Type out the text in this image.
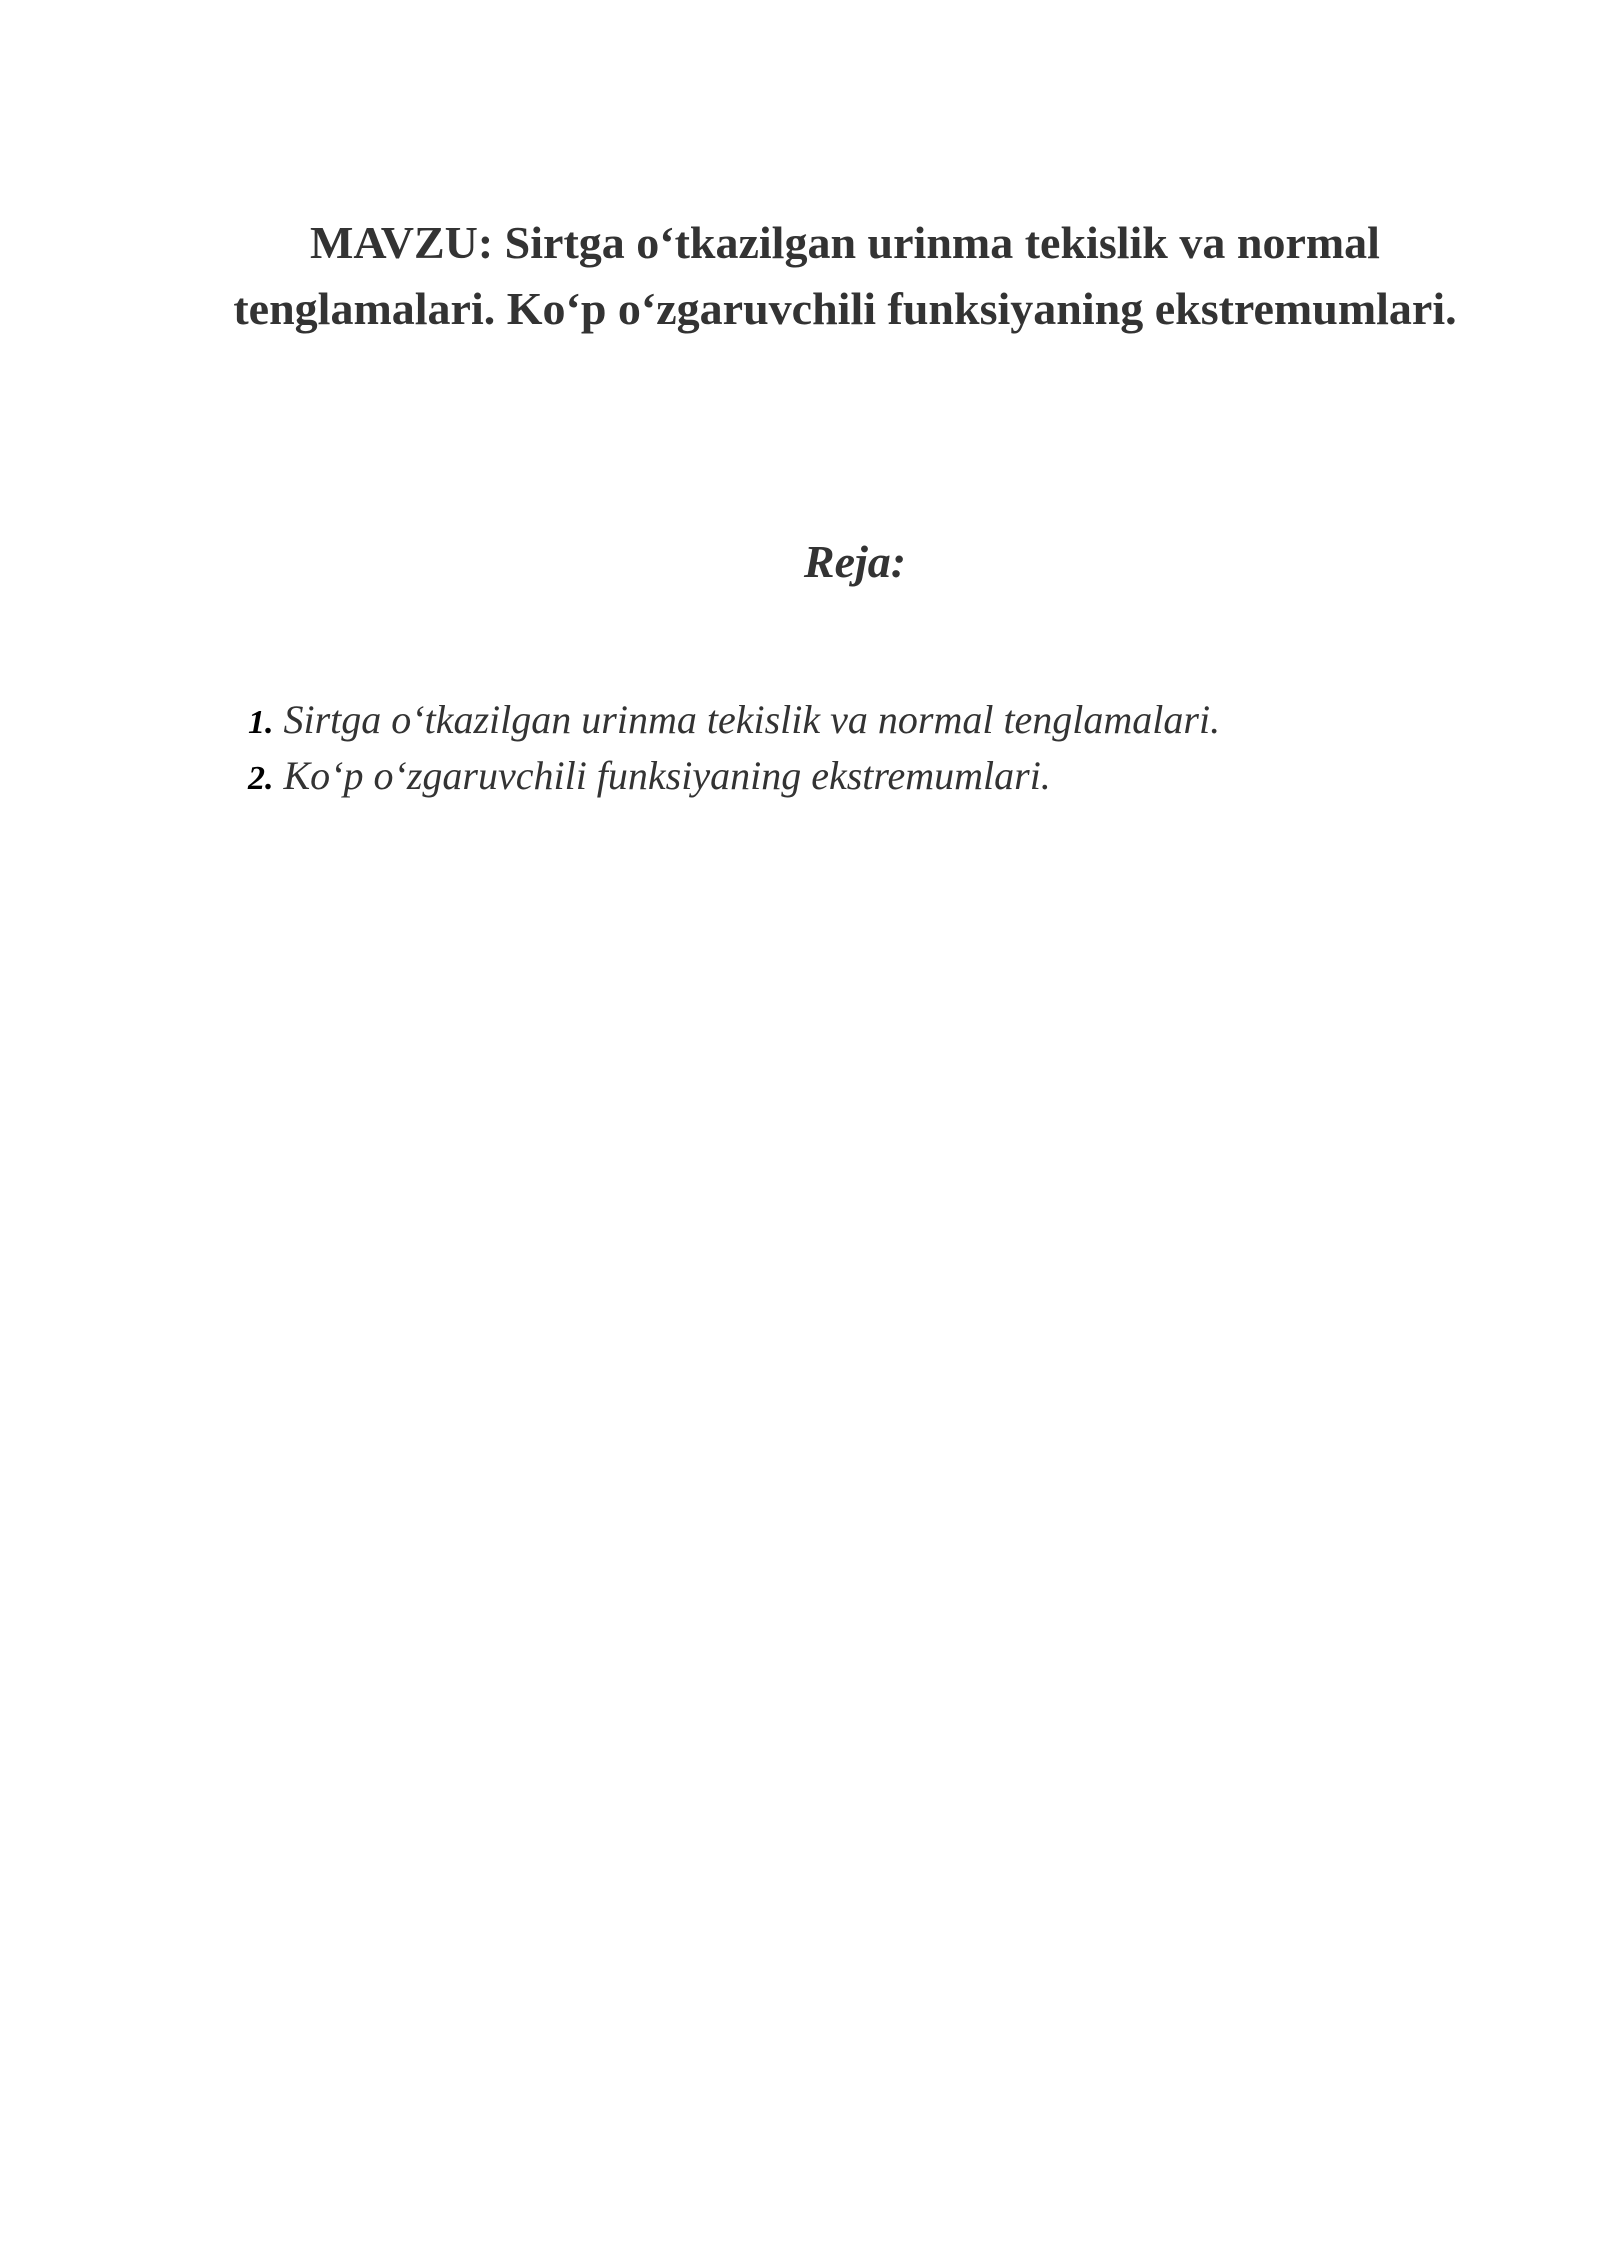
MAVZU: Sirtga o‘tkazilgan urinma tekislik va normal
tenglamalari. Ko‘p o‘zgaruvchili funksiyaning ekstremumlari.
Reja:
1. Sirtga o‘tkazilgan urinma tekislik va normal tenglamalari.
2. Ko‘p o‘zgaruvchili funksiyaning ekstremumlari.
